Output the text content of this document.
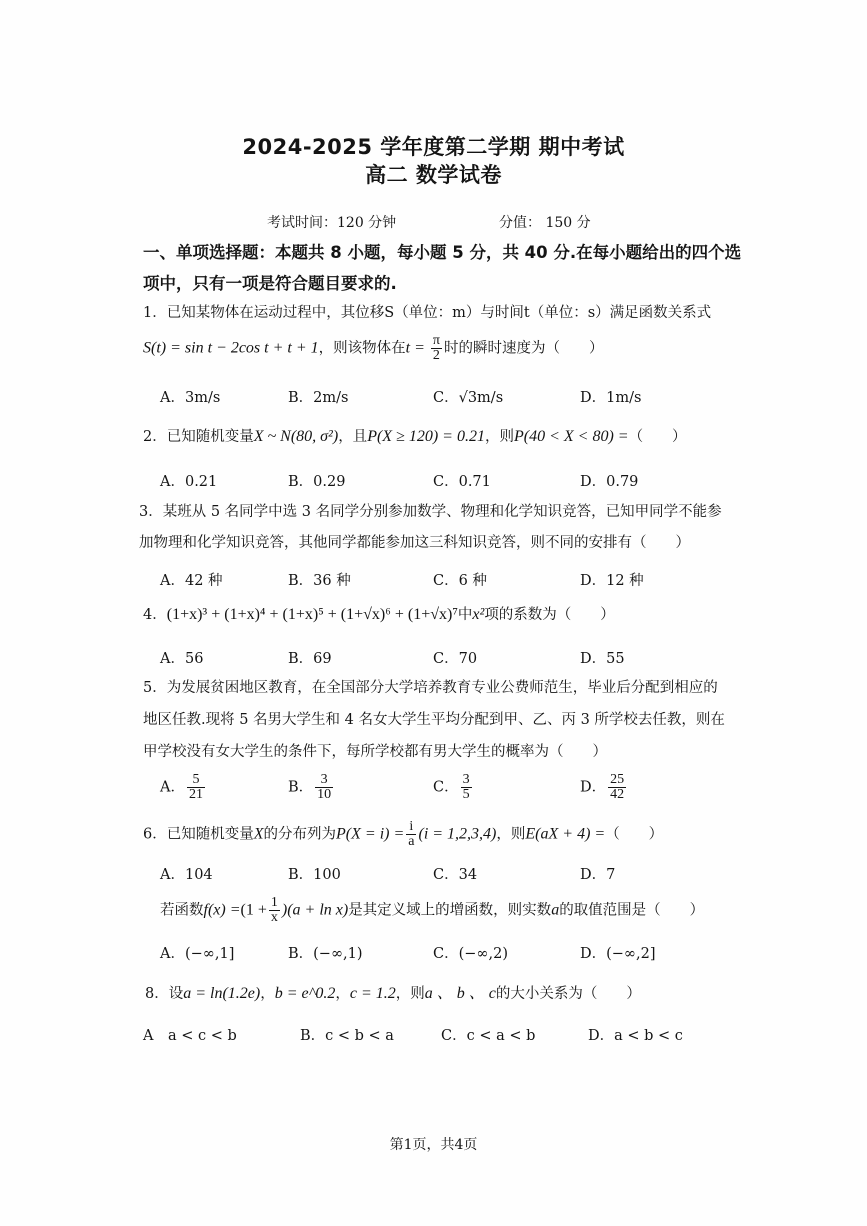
2024-2025 学年度第二学期 期中考试
高二 数学试卷
考试时间：120 分钟	分值： 150 分
一、单项选择题：本题共 8 小题，每小题 5 分，共 40 分.在每小题给出的四个选
项中，只有一项是符合题目要求的.
1．已知某物体在运动过程中，其位移S（单位：m）与时间t（单位：s）满足函数关系式
S(t) = sin t − 2cos t + t + 1，则该物体在$t = \frac{\pi}{2}$ 时的瞬时速度为（　　）
A．3m/s	B．2m/s	C．√3m/s	D．1m/s
2．已知随机变量X ~ N(80, σ²)，且P(X ≥ 120) = 0.21，则P(40 < X < 80) =（　　）
A．0.21	B．0.29	C．0.71	D．0.79
3．某班从 5 名同学中选 3 名同学分别参加数学、物理和化学知识竞答，已知甲同学不能参
加物理和化学知识竞答，其他同学都能参加这三科知识竞答，则不同的安排有（　　）
A．42 种	B．36 种	C．6 种	D．12 种
4．(1+x)³ + (1+x)⁴ + (1+x)⁵ + (1+√x)⁶ + (1+√x)⁷中x²项的系数为（　　）
A．56	B．69	C．70	D．55
5．为发展贫困地区教育，在全国部分大学培养教育专业公费师范生，毕业后分配到相应的
地区任教.现将 5 名男大学生和 4 名女大学生平均分配到甲、乙、丙 3 所学校去任教，则在
甲学校没有女大学生的条件下，每所学校都有男大学生的概率为（　　）
A． $\frac{5}{21}$	B． $\frac{3}{10}$	C． $\frac{3}{5}$	D． $\frac{25}{42}$
6．已知随机变量X的分布列为$P(X = i) = \frac{i}{a} (i = 1,2,3,4)$，则E(aX + 4) =（　　）
A．104	B．100	C．34	D．7
若函数$f(x) =(1 + \frac{1}{x} )(a + \ln x)$是其定义域上的增函数，则实数a的取值范围是（　　）
A．(−∞,1]	B．(−∞,1)	C．(−∞,2)	D．(−∞,2]
8．设a = ln(1.2e)，b = e^0.2，c = 1.2，则a 、 b 、 c的大小关系为（　　）
A　a < c < b	B．c < b < a	C．c < a < b	D．a < b < c
第1页，共4页
